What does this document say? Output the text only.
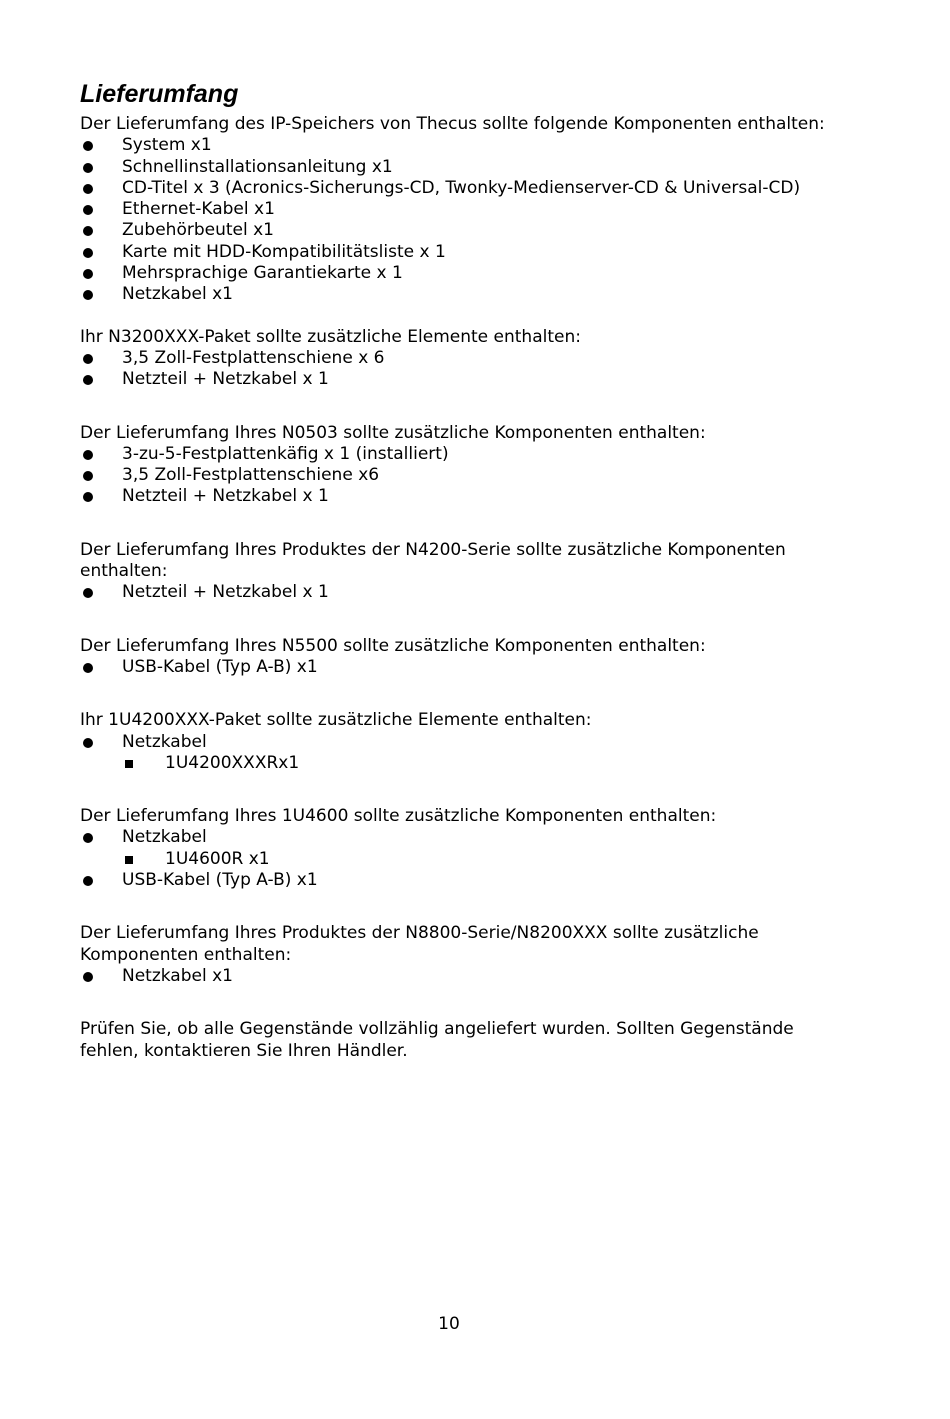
Lieferumfang

Der Lieferumfang des IP-Speichers von Thecus sollte folgende Komponenten enthalten:

System x1
Schnellinstallationsanleitung x1
CD-Titel x 3 (Acronics-Sicherungs-CD, Twonky-Medienserver-CD & Universal-CD)
Ethernet-Kabel x1
Zubehörbeutel x1
Karte mit HDD-Kompatibilitätsliste x 1
Mehrsprachige Garantiekarte x 1
Netzkabel x1

Ihr N3200XXX-Paket sollte zusätzliche Elemente enthalten:

3,5 Zoll-Festplattenschiene x 6
Netzteil + Netzkabel x 1

Der Lieferumfang Ihres N0503 sollte zusätzliche Komponenten enthalten:

3-zu-5-Festplattenkäfig x 1 (installiert)
3,5 Zoll-Festplattenschiene x6
Netzteil + Netzkabel x 1

Der Lieferumfang Ihres Produktes der N4200-Serie sollte zusätzliche Komponenten enthalten:

Netzteil + Netzkabel x 1

Der Lieferumfang Ihres N5500 sollte zusätzliche Komponenten enthalten:

USB-Kabel (Typ A-B) x1

Ihr 1U4200XXX-Paket sollte zusätzliche Elemente enthalten:

Netzkabel
1U4200XXXRx1

Der Lieferumfang Ihres 1U4600 sollte zusätzliche Komponenten enthalten:

Netzkabel
1U4600R x1
USB-Kabel (Typ A-B) x1

Der Lieferumfang Ihres Produktes der N8800-Serie/N8200XXX sollte zusätzliche Komponenten enthalten:

Netzkabel x1

Prüfen Sie, ob alle Gegenstände vollzählig angeliefert wurden. Sollten Gegenstände fehlen, kontaktieren Sie Ihren Händler.

10
